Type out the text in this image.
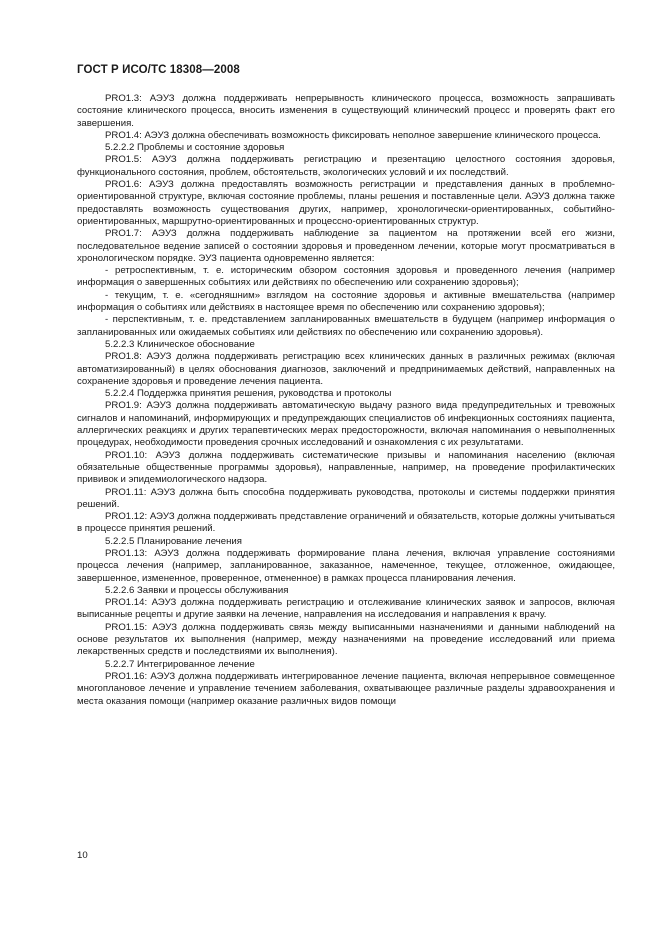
ГОСТ Р ИСО/ТС 18308—2008

PRO1.3: АЭУЗ должна поддерживать непрерывность клинического процесса, возможность запрашивать состояние клинического процесса, вносить изменения в существующий клинический процесс и проверять факт его завершения.

PRO1.4: АЭУЗ должна обеспечивать возможность фиксировать неполное завершение клинического процесса.

5.2.2.2 Проблемы и состояние здоровья

PRO1.5: АЭУЗ должна поддерживать регистрацию и презентацию целостного состояния здоровья, функционального состояния, проблем, обстоятельств, экологических условий и их последствий.

PRO1.6: АЭУЗ должна предоставлять возможность регистрации и представления данных в проблемно-ориентированной структуре, включая состояние проблемы, планы решения и поставленные цели. АЭУЗ должна также предоставлять возможность существования других, например, хронологически-ориентированных, событийно-ориентированных, маршрутно-ориентированных и процессно-ориентированных структур.

PRO1.7: АЭУЗ должна поддерживать наблюдение за пациентом на протяжении всей его жизни, последовательное ведение записей о состоянии здоровья и проведенном лечении, которые могут просматриваться в хронологическом порядке. ЭУЗ пациента одновременно является:

- ретроспективным, т. е. историческим обзором состояния здоровья и проведенного лечения (например информация о завершенных событиях или действиях по обеспечению или сохранению здоровья);

- текущим, т. е. «сегодняшним» взглядом на состояние здоровья и активные вмешательства (например информация о событиях или действиях в настоящее время по обеспечению или сохранению здоровья);

- перспективным, т. е. представлением запланированных вмешательств в будущем (например информация о запланированных или ожидаемых событиях или действиях по обеспечению или сохранению здоровья).

5.2.2.3 Клиническое обоснование

PRO1.8: АЭУЗ должна поддерживать регистрацию всех клинических данных в различных режимах (включая автоматизированный) в целях обоснования диагнозов, заключений и предпринимаемых действий, направленных на сохранение здоровья и проведение лечения пациента.

5.2.2.4 Поддержка принятия решения, руководства и протоколы

PRO1.9: АЭУЗ должна поддерживать автоматическую выдачу разного вида предупредительных и тревожных сигналов и напоминаний, информирующих и предупреждающих специалистов об инфекционных состояниях пациента, аллергических реакциях и других терапевтических мерах предосторожности, включая напоминания о невыполненных процедурах, необходимости проведения срочных исследований и ознакомления с их результатами.

PRO1.10: АЭУЗ должна поддерживать систематические призывы и напоминания населению (включая обязательные общественные программы здоровья), направленные, например, на проведение профилактических прививок и эпидемиологического надзора.

PRO1.11: АЭУЗ должна быть способна поддерживать руководства, протоколы и системы поддержки принятия решений.

PRO1.12: АЭУЗ должна поддерживать представление ограничений и обязательств, которые должны учитываться в процессе принятия решений.

5.2.2.5 Планирование лечения

PRO1.13: АЭУЗ должна поддерживать формирование плана лечения, включая управление состояниями процесса лечения (например, запланированное, заказанное, намеченное, текущее, отложенное, ожидающее, завершенное, измененное, проверенное, отмененное) в рамках процесса планирования лечения.

5.2.2.6 Заявки и процессы обслуживания

PRO1.14: АЭУЗ должна поддерживать регистрацию и отслеживание клинических заявок и запросов, включая выписанные рецепты и другие заявки на лечение, направления на исследования и направления к врачу.

PRO1.15: АЭУЗ должна поддерживать связь между выписанными назначениями и данными наблюдений на основе результатов их выполнения (например, между назначениями на проведение исследований или приема лекарственных средств и последствиями их выполнения).

5.2.2.7 Интегрированное лечение

PRO1.16: АЭУЗ должна поддерживать интегрированное лечение пациента, включая непрерывное совмещенное многоплановое лечение и управление течением заболевания, охватывающее различные разделы здравоохранения и места оказания помощи (например оказание различных видов помощи

10
